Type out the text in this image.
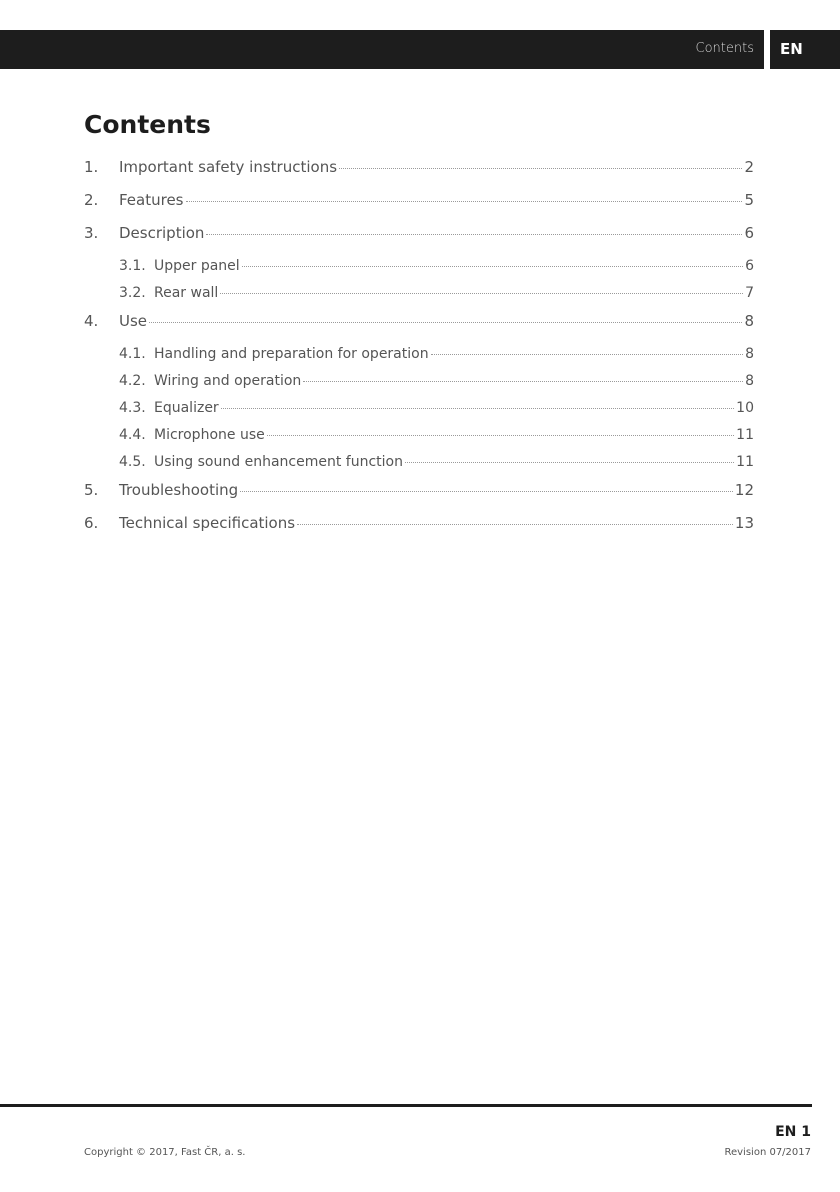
Contents	EN
Contents
1.	Important safety instructions	2
2.	Features	5
3.	Description	6
3.1. Upper panel	6
3.2. Rear wall	7
4.	Use	8
4.1. Handling and preparation for operation	8
4.2. Wiring and operation	8
4.3. Equalizer	10
4.4. Microphone use	11
4.5. Using sound enhancement function	11
5.	Troubleshooting	12
6.	Technical specifications	13
EN 1
Copyright © 2017, Fast ČR, a. s.	Revision 07/2017
